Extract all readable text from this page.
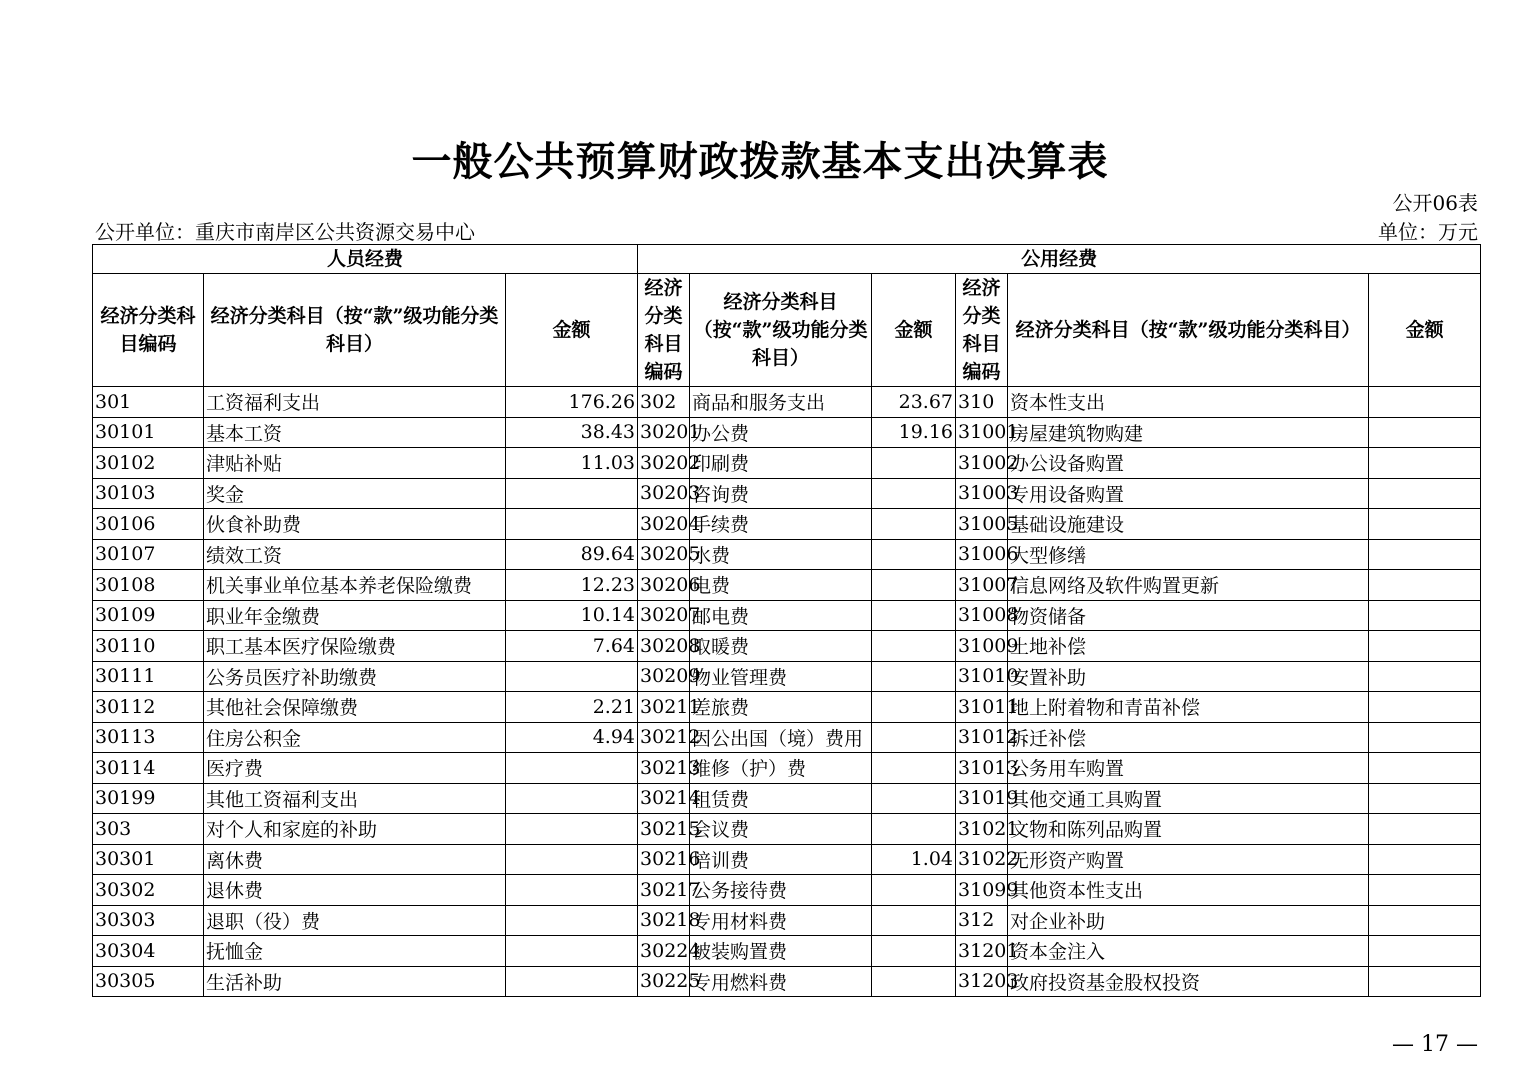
一般公共预算财政拨款基本支出决算表
公开06表
公开单位：重庆市南岸区公共资源交易中心	单位：万元
人员经费			公用经费					
经济分类科目编码	经济分类科目（按“款”级功能分类科目）	金额	经济分类科目编码	经济分类科目（按“款”级功能分类科目）	金额	经济分类科目编码	经济分类科目（按“款”级功能分类科目）	金额
301	工资福利支出	176.26	302	商品和服务支出	23.67	310	资本性支出	
30101	基本工资	38.43	30201	办公费	19.16	31001	房屋建筑物购建	
30102	津贴补贴	11.03	30202	印刷费		31002	办公设备购置	
30103	奖金		30203	咨询费		31003	专用设备购置	
30106	伙食补助费		30204	手续费		31005	基础设施建设	
30107	绩效工资	89.64	30205	水费		31006	大型修缮	
30108	机关事业单位基本养老保险缴费	12.23	30206	电费		31007	信息网络及软件购置更新	
30109	职业年金缴费	10.14	30207	邮电费		31008	物资储备	
30110	职工基本医疗保险缴费	7.64	30208	取暖费		31009	土地补偿	
30111	公务员医疗补助缴费		30209	物业管理费		31010	安置补助	
30112	其他社会保障缴费	2.21	30211	差旅费		31011	地上附着物和青苗补偿	
30113	住房公积金	4.94	30212	因公出国（境）费用		31012	拆迁补偿	
30114	医疗费		30213	维修（护）费		31013	公务用车购置	
30199	其他工资福利支出		30214	租赁费		31019	其他交通工具购置	
303	对个人和家庭的补助		30215	会议费		31021	文物和陈列品购置	
30301	离休费		30216	培训费	1.04	31022	无形资产购置	
30302	退休费		30217	公务接待费		31099	其他资本性支出	
30303	退职（役）费		30218	专用材料费		312	对企业补助	
30304	抚恤金		30224	被装购置费		31201	资本金注入	
30305	生活补助		30225	专用燃料费		31203	政府投资基金股权投资	
— 17 —
